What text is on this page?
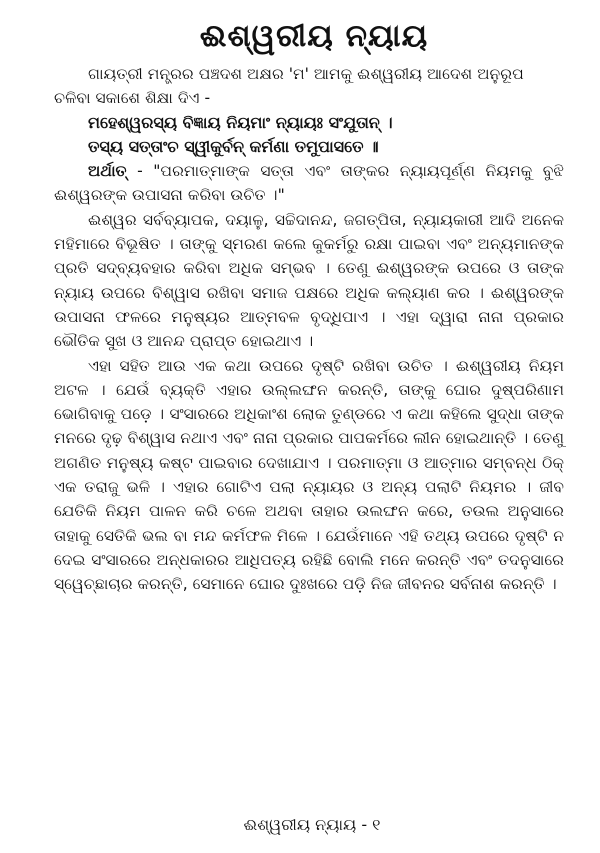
ଈଶ୍ୱରୀୟ ନ୍ୟାୟ

ଗାୟତ୍ରୀ ମନ୍ତ୍ରର ପଞ୍ଚଦଶ ଅକ୍ଷର 'ମ' ଆମକୁ ଈଶ୍ୱରୀୟ ଆଦେଶ ଅନୁରୂପ

ଚଳିବା ସକାଶେ ଶିକ୍ଷା ଦିଏ -

ମହେଶ୍ୱରସ୍ୟ ବିଜ୍ଞାୟ ନିୟମାଂ ନ୍ୟାୟଃ ସଂଯୁତାନ୍ ।

ତସ୍ୟ ସତ୍ତାଂଚ ସ୍ୱୀକୁର୍ବନ୍ କର୍ମଣା ତମୁପାସତେ ॥

ଅର୍ଥାତ୍ - "ପରମାତ୍ମାଙ୍କ ସତ୍ତା ଏବଂ ତାଙ୍କର ନ୍ୟାୟପୂର୍ଣ୍ଣ ନିୟମକୁ ବୁଝି ଈଶ୍ୱରଙ୍କ ଉପାସନା କରିବା ଉଚିତ ।"

ଈଶ୍ୱର ସର୍ବବ୍ୟାପକ, ଦୟାଳୁ, ସଚ୍ଚିଦାନନ୍ଦ, ଜଗତ୍‌ପିତା, ନ୍ୟାୟକାରୀ ଆଦି ଅନେକ ମହିମାରେ ବିଭୂଷିତ । ତାଙ୍କୁ ସ୍ମରଣ କଲେ କୁକର୍ମରୁ ରକ୍ଷା ପାଇବା ଏବଂ ଅନ୍ୟମାନଙ୍କ ପ୍ରତି ସଦ୍‌ବ୍ୟବହାର କରିବା ଅଧିକ ସମ୍ଭବ । ତେଣୁ ଈଶ୍ୱରଙ୍କ ଉପରେ ଓ ତାଙ୍କ ନ୍ୟାୟ ଉପରେ ବିଶ୍ୱାସ ରଖିବା ସମାଜ ପକ୍ଷରେ ଅଧିକ କଲ୍ୟାଣ କର । ଈଶ୍ୱରଙ୍କ ଉପାସନା ଫଳରେ ମନୁଷ୍ୟର ଆତ୍ମବଳ ବୃଦ୍ଧିପାଏ । ଏହା ଦ୍ୱାରା ନାନା ପ୍ରକାର ଭୌତିକ ସୁଖ ଓ ଆନନ୍ଦ ପ୍ରାପ୍ତ ହୋଇଥାଏ ।

ଏହା ସହିତ ଆଉ ଏକ କଥା ଉପରେ ଦୃଷ୍ଟି ରଖିବା ଉଚିତ । ଈଶ୍ୱରୀୟ ନିୟମ ଅଟଳ । ଯେଉଁ ବ୍ୟକ୍ତି ଏହାର ଉଲ୍ଲଙ୍ଘନ କରନ୍ତି, ତାଙ୍କୁ ଘୋର ଦୁଷ୍ପରିଣାମ ଭୋଗିବାକୁ ପଡ଼େ । ସଂସାରରେ ଅଧିକାଂଶ ଲୋକ ତୁଣ୍ଡରେ ଏ କଥା କହିଲେ ସୁଦ୍ଧା ତାଙ୍କ ମନରେ ଦୃଢ଼ ବିଶ୍ୱାସ ନଥାଏ ଏବଂ ନାନା ପ୍ରକାର ପାପକର୍ମରେ ଲୀନ ହୋଇଥାନ୍ତି । ତେଣୁ ଅଗଣିତ ମନୁଷ୍ୟ କଷ୍ଟ ପାଇବାର ଦେଖାଯାଏ । ପରମାତ୍ମା ଓ ଆତ୍ମାର ସମ୍ବନ୍ଧ ଠିକ୍ ଏକ ତରାଜୁ ଭଳି । ଏହାର ଗୋଟିଏ ପଲା ନ୍ୟାୟର ଓ ଅନ୍ୟ ପଲାଟି ନିୟମର । ଜୀବ ଯେତିକି ନିୟମ ପାଳନ କରି ଚଳେ ଅଥବା ତାହାର ଉଲଙ୍ଘନ କରେ, ତଉଲ ଅନୁସାରେ ତାହାକୁ ସେତିକି ଭଲ ବା ମନ୍ଦ କର୍ମଫଳ ମିଳେ । ଯେଉଁମାନେ ଏହି ତଥ୍ୟ ଉପରେ ଦୃଷ୍ଟି ନ ଦେଇ ସଂସାରରେ ଅନ୍ଧକାରର ଆଧିପତ୍ୟ ରହିଛି ବୋଲି ମନେ କରନ୍ତି ଏବଂ ତଦନୁସାରେ ସ୍ୱେଚ୍ଛାଚାର କରନ୍ତି, ସେମାନେ ଘୋର ଦୁଃଖରେ ପଡ଼ି ନିଜ ଜୀବନର ସର୍ବନାଶ କରନ୍ତି ।

ଈଶ୍ୱରୀୟ ନ୍ୟାୟ - ୧
